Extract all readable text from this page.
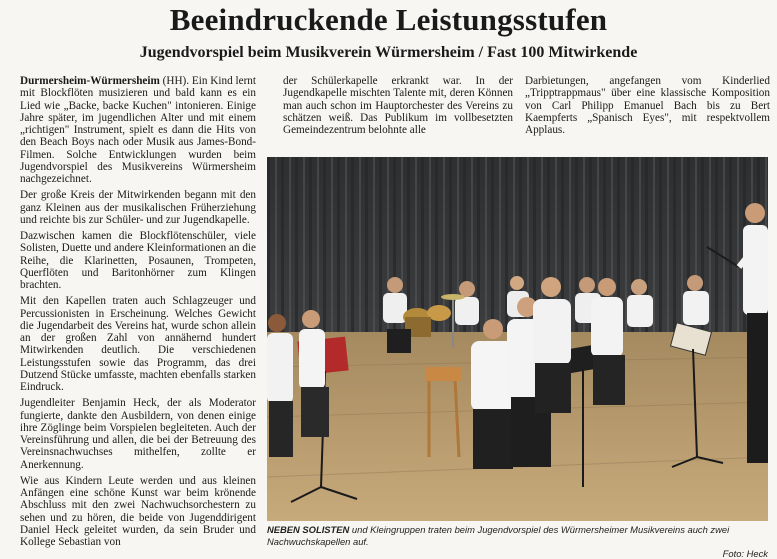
Beeindruckende Leistungsstufen
Jugendvorspiel beim Musikverein Würmersheim / Fast 100 Mitwirkende

Durmersheim-Würmersheim (HH). Ein Kind lernt mit Blockflöten musizieren und bald kann es ein Lied wie „Backe, backe Kuchen" intonieren. Einige Jahre später, im jugendlichen Alter und mit einem „richtigen" Instrument, spielt es dann die Hits von den Beach Boys nach oder Musik aus James-Bond-Filmen. Solche Entwicklungen wurden beim Jugendvorspiel des Musikvereins Würmersheim nachgezeichnet.

Der große Kreis der Mitwirkenden begann mit den ganz Kleinen aus der musikalischen Früherziehung und reichte bis zur Schüler- und zur Jugendkapelle.

Dazwischen kamen die Blockflötenschüler, viele Solisten, Duette und andere Kleinformationen an die Reihe, die Klarinetten, Posaunen, Trompeten, Querflöten und Baritonhörner zum Klingen brachten.

Mit den Kapellen traten auch Schlagzeuger und Percussionisten in Erscheinung. Welches Gewicht die Jugendarbeit des Vereins hat, wurde schon allein an der großen Zahl von annähernd hundert Mitwirkenden deutlich. Die verschiedenen Leistungsstufen sowie das Programm, das drei Dutzend Stücke umfasste, machten ebenfalls starken Eindruck.

Jugendleiter Benjamin Heck, der als Moderator fungierte, dankte den Ausbildern, von denen einige ihre Zöglinge beim Vorspielen begleiteten. Auch der Vereinsführung und allen, die bei der Betreuung des Vereinsnachwuchses mithelfen, zollte er Anerkennung.

Wie aus Kindern Leute werden und aus kleinen Anfängen eine schöne Kunst war beim krönende Abschluss mit den zwei Nachwuchsorchestern zu sehen und zu hören, die beide von Jugenddirigent Daniel Heck geleitet wurden, da sein Bruder und Kollege Sebastian von

der Schülerkapelle erkrankt war. In der Jugendkapelle mischten Talente mit, deren Können man auch schon im Hauptorchester des Vereins zu schätzen weiß. Das Publikum im vollbesetzten Gemeindezentrum belohnte alle

Darbietungen, angefangen vom Kinderlied „Tripptrappmaus" über eine klassische Komposition von Carl Philipp Emanuel Bach bis zu Bert Kaempferts „Spanisch Eyes", mit respektvollem Applaus.

NEBEN SOLISTEN und Kleingruppen traten beim Jugendvorspiel des Würmersheimer Musikvereins auch zwei Nachwuchskapellen auf.
Foto: Heck
